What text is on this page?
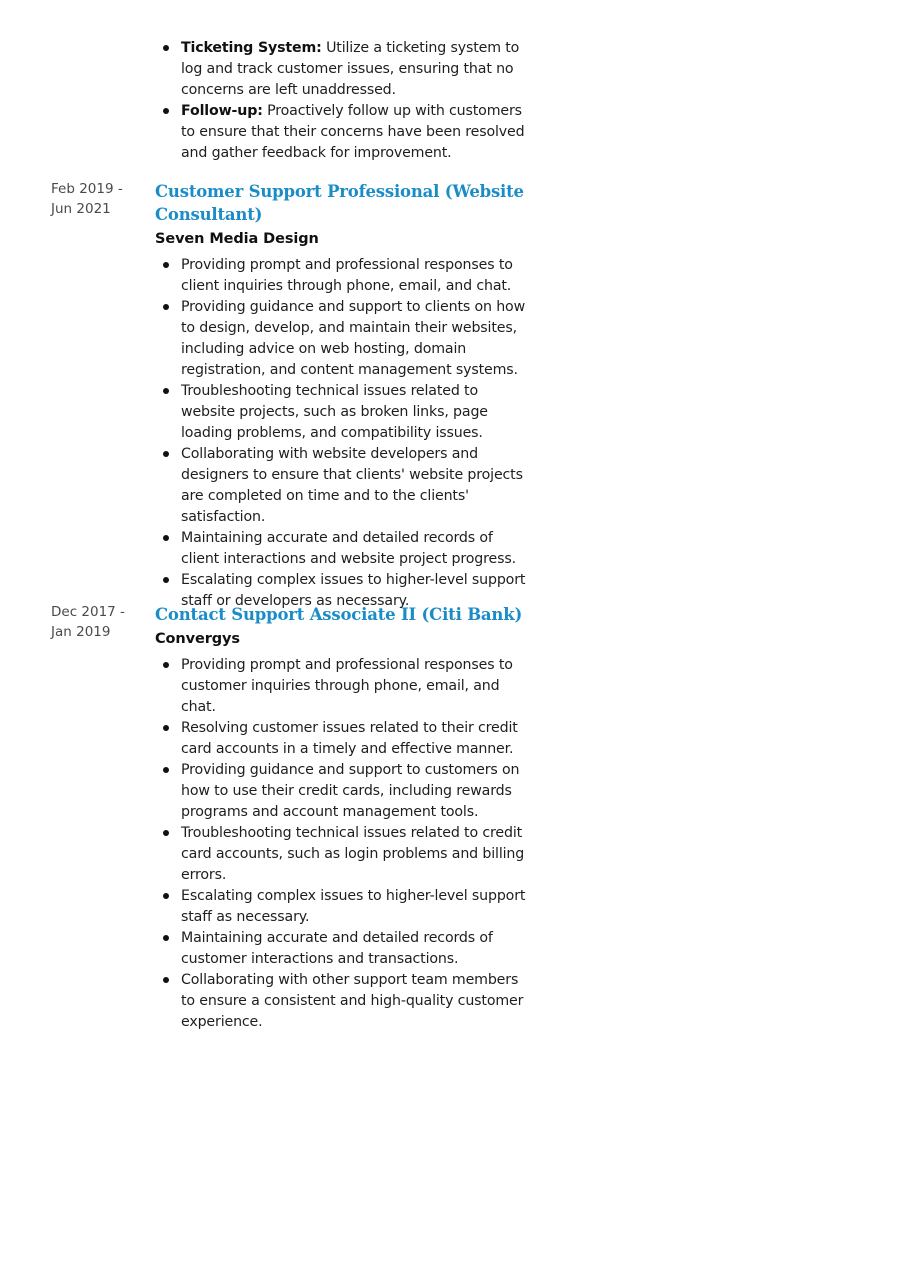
Ticketing System: Utilize a ticketing system to log and track customer issues, ensuring that no concerns are left unaddressed.
Follow-up: Proactively follow up with customers to ensure that their concerns have been resolved and gather feedback for improvement.
Feb 2019 -
Jun 2021
Customer Support Professional (Website Consultant)
Seven Media Design
Providing prompt and professional responses to client inquiries through phone, email, and chat.
Providing guidance and support to clients on how to design, develop, and maintain their websites, including advice on web hosting, domain registration, and content management systems.
Troubleshooting technical issues related to website projects, such as broken links, page loading problems, and compatibility issues.
Collaborating with website developers and designers to ensure that clients' website projects are completed on time and to the clients' satisfaction.
Maintaining accurate and detailed records of client interactions and website project progress.
Escalating complex issues to higher-level support staff or developers as necessary.
Dec 2017 -
Jan 2019
Contact Support Associate II (Citi Bank)
Convergys
Providing prompt and professional responses to customer inquiries through phone, email, and chat.
Resolving customer issues related to their credit card accounts in a timely and effective manner.
Providing guidance and support to customers on how to use their credit cards, including rewards programs and account management tools.
Troubleshooting technical issues related to credit card accounts, such as login problems and billing errors.
Escalating complex issues to higher-level support staff as necessary.
Maintaining accurate and detailed records of customer interactions and transactions.
Collaborating with other support team members to ensure a consistent and high-quality customer experience.
